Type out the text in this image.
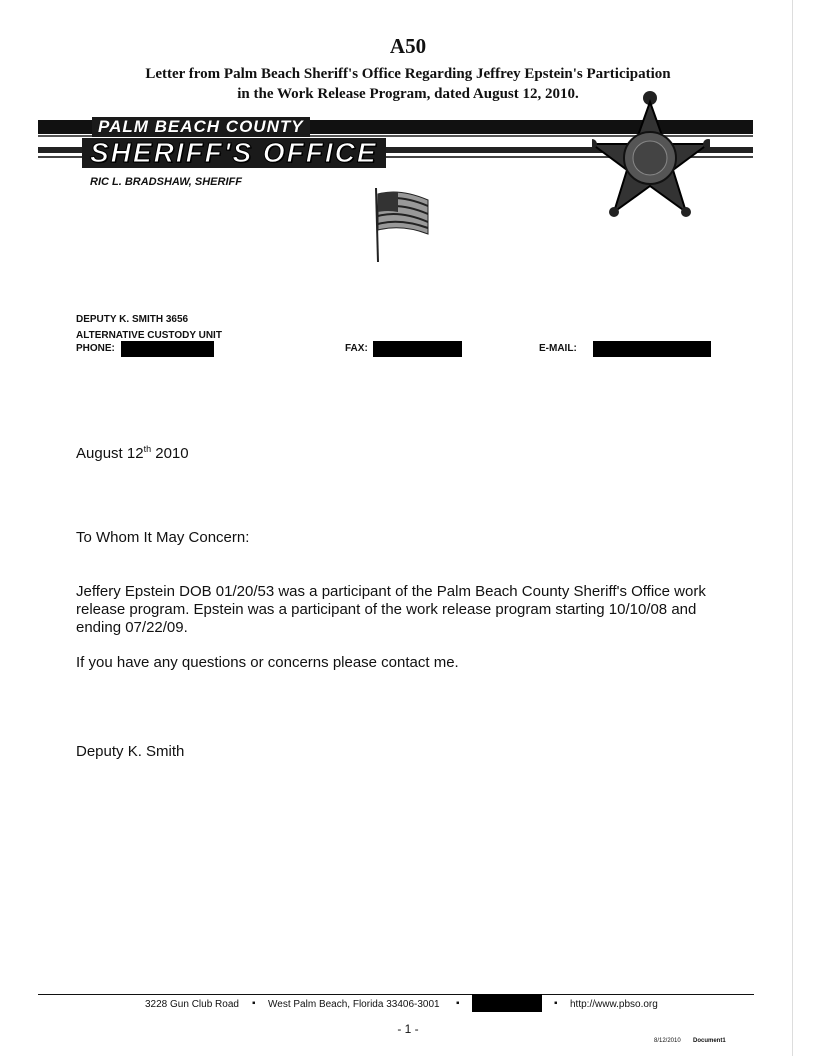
A50
Letter from Palm Beach Sheriff's Office Regarding Jeffrey Epstein's Participation
in the Work Release Program, dated August 12, 2010.
PALM BEACH COUNTY
SHERIFF'S OFFICE
RIC L. BRADSHAW, SHERIFF
DEPUTY K. SMITH 3656
ALTERNATIVE CUSTODY UNIT
PHONE:	FAX:	E-MAIL:
August 12th 2010
To Whom It May Concern:
Jeffery Epstein DOB 01/20/53 was a participant of the Palm Beach County Sheriff's Office work release program. Epstein was a participant of the work release program starting 10/10/08 and ending 07/22/09.
If you have any questions or concerns please contact me.
Deputy K. Smith
3228 Gun Club Road ▪ West Palm Beach, Florida 33406-3001 ▪	▪ http://www.pbso.org
- 1 -
8/12/2010 Document1
